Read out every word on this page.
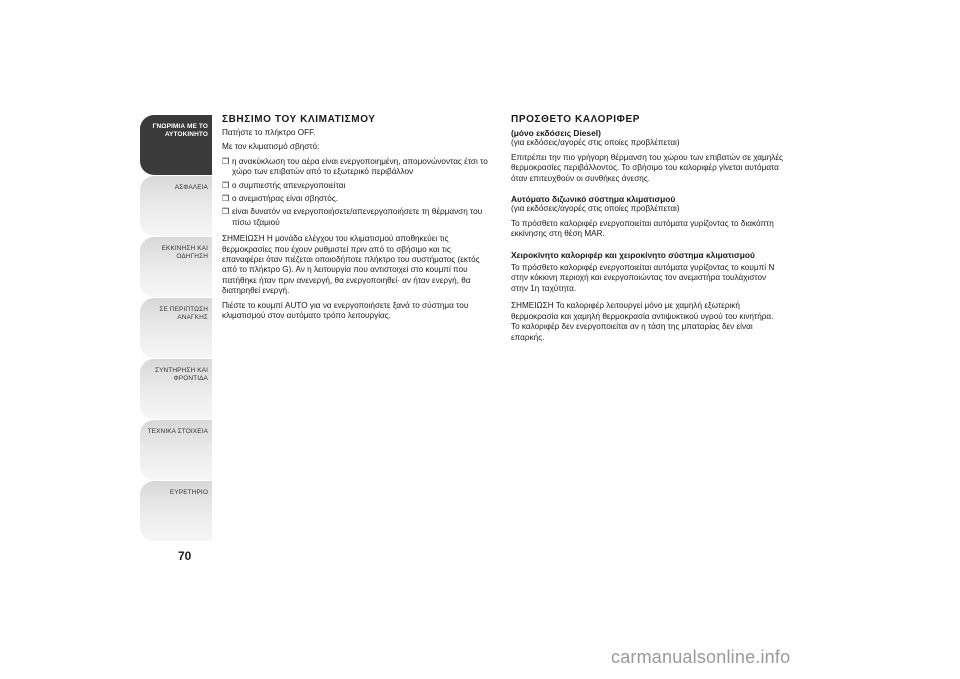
ΓΝΩΡΙΜΙΑ ΜΕ ΤΟ ΑΥΤΟΚΙΝΗΤΟ
ΑΣΦΑΛΕΙΑ
ΕΚΚΙΝΗΣΗ ΚΑΙ ΟΔΗΓΗΣΗ
ΣΕ ΠΕΡΙΠΤΩΣΗ ΑΝΑΓΚΗΣ
ΣΥΝΤΗΡΗΣΗ ΚΑΙ ΦΡΟΝΤΙΔΑ
ΤΕΧΝΙΚΑ ΣΤΟΙΧΕΙΑ
ΕΥΡΕΤΗΡΙΟ
70
ΣΒΗΣΙΜΟ ΤΟΥ ΚΛΙΜΑΤΙΣΜΟΥ

Πατήστε το πλήκτρο OFF.

Με τον κλιματισμό σβηστό:

❒ η ανακύκλωση του αέρα είναι ενεργοποιημένη, απομονώνοντας έτσι το χώρο των επιβατών από το εξωτερικό περιβάλλον
❒ ο συμπιεστής απενεργοποιείται
❒ ο ανεμιστήρας είναι σβηστός.
❒ είναι δυνατόν να ενεργοποιήσετε/απενεργοποιήσετε τη θέρμανση του πίσω τζαμιού

ΣΗΜΕΙΩΣΗ Η μονάδα ελέγχου του κλιματισμού αποθηκεύει τις θερμοκρασίες που έχουν ρυθμιστεί πριν από το σβήσιμο και τις επαναφέρει όταν πιέζεται οποιοδήποτε πλήκτρο του συστήματος (εκτός από το πλήκτρο G). Αν η λειτουργία που αντιστοιχεί στο κουμπί που πατήθηκε ήταν πριν ανενεργή, θα ενεργοποιηθεί· αν ήταν ενεργή, θα διατηρηθεί ενεργή.

Πιέστε το κουμπί AUTO για να ενεργοποιήσετε ξανά το σύστημα του κλιματισμού στον αυτόματο τρόπο λειτουργίας.

ΠΡΟΣΘΕΤΟ ΚΑΛΟΡΙΦΕΡ
(μόνο εκδόσεις Diesel)

(για εκδόσεις/αγορές στις οποίες προβλέπεται)

Επιτρέπει την πιο γρήγορη θέρμανση του χώρου των επιβατών σε χαμηλές θερμοκρασίες περιβάλλοντος. Το σβήσιμο του καλοριφέρ γίνεται αυτόματα όταν επιτευχθούν οι συνθήκες άνεσης.

Αυτόματο διζωνικό σύστημα κλιματισμού

(για εκδόσεις/αγορές στις οποίες προβλέπεται)

Το πρόσθετο καλοριφέρ ενεργοποιείται αυτόματα γυρίζοντας το διακόπτη εκκίνησης στη θέση MAR.

Χειροκίνητο καλοριφέρ και χειροκίνητο σύστημα κλιματισμού

Το πρόσθετο καλοριφέρ ενεργοποιείται αυτόματα γυρίζοντας το κουμπί N στην κόκκινη περιοχή και ενεργοποιώντας τον ανεμιστήρα τουλάχιστον στην 1η ταχύτητα.

ΣΗΜΕΙΩΣΗ Το καλοριφέρ λειτουργεί μόνο με χαμηλή εξωτερική θερμοκρασία και χαμηλή θερμοκρασία αντιψυκτικού υγρού του κινητήρα. Το καλοριφέρ δεν ενεργοποιείται αν η τάση της μπαταρίας δεν είναι επαρκής.

carmanualsonline.info
